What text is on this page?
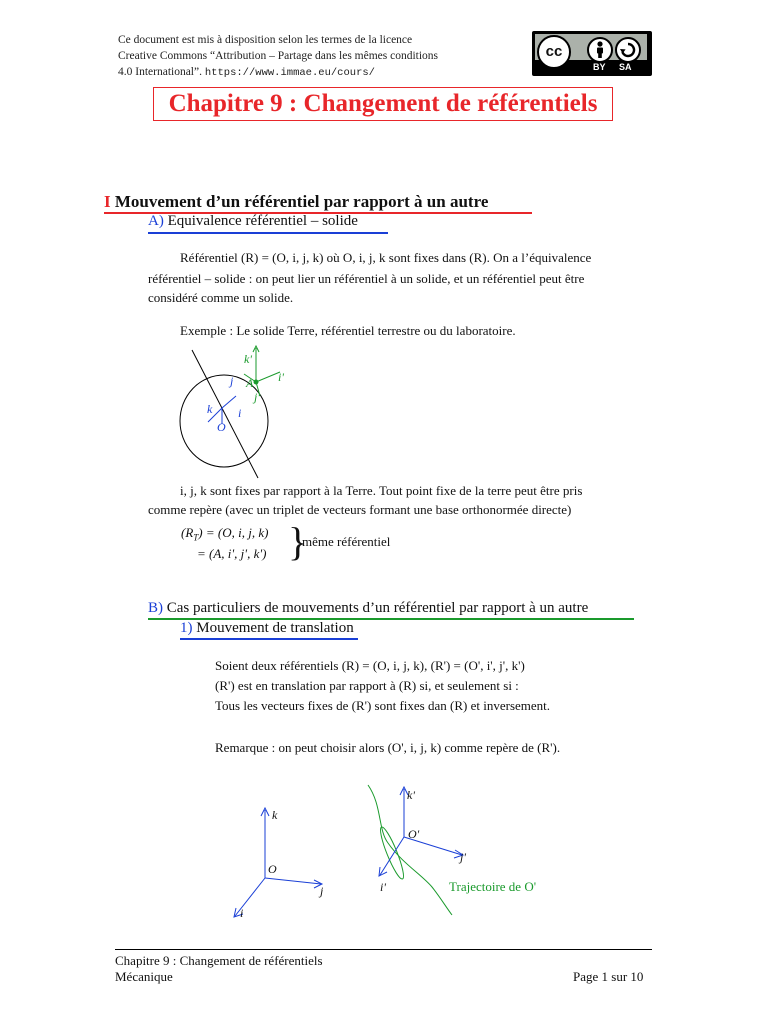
Ce document est mis à disposition selon les termes de la licence
Creative Commons “Attribution – Partage dans les mêmes conditions
4.0 International”. https://www.immae.eu/cours/
cc
BY SA
Chapitre 9 : Changement de référentiels
I Mouvement d’un référentiel par rapport à un autre
A) Equivalence référentiel – solide
Référentiel (R) = (O, i, j, k) où O, i, j, k sont fixes dans (R). On a l’équivalence
référentiel – solide : on peut lier un référentiel à un solide, et un référentiel peut être
considéré comme un solide.
Exemple : Le solide Terre, référentiel terrestre ou du laboratoire.
k'
i'
A
j'
j
k i
O
i, j, k sont fixes par rapport à la Terre. Tout point fixe de la terre peut être pris
comme repère (avec un triplet de vecteurs formant une base orthonormée directe)
$(R_T) = (O$, i, j, k)
= (A, i', j', k') }
même référentiel
B) Cas particuliers de mouvements d’un référentiel par rapport à un autre
1) Mouvement de translation
Soient deux référentiels (R) = (O, i, j, k), (R') = (O', i', j', k')
(R') est en translation par rapport à (R) si, et seulement si :
Tous les vecteurs fixes de (R') sont fixes dan (R) et inversement.
Remarque : on peut choisir alors (O', i, j, k) comme repère de (R').
k
O
j
i
k'
O'
j'
i'	Trajectoire de O'
Chapitre 9 : Changement de référentiels
Mécanique	Page 1 sur 10
